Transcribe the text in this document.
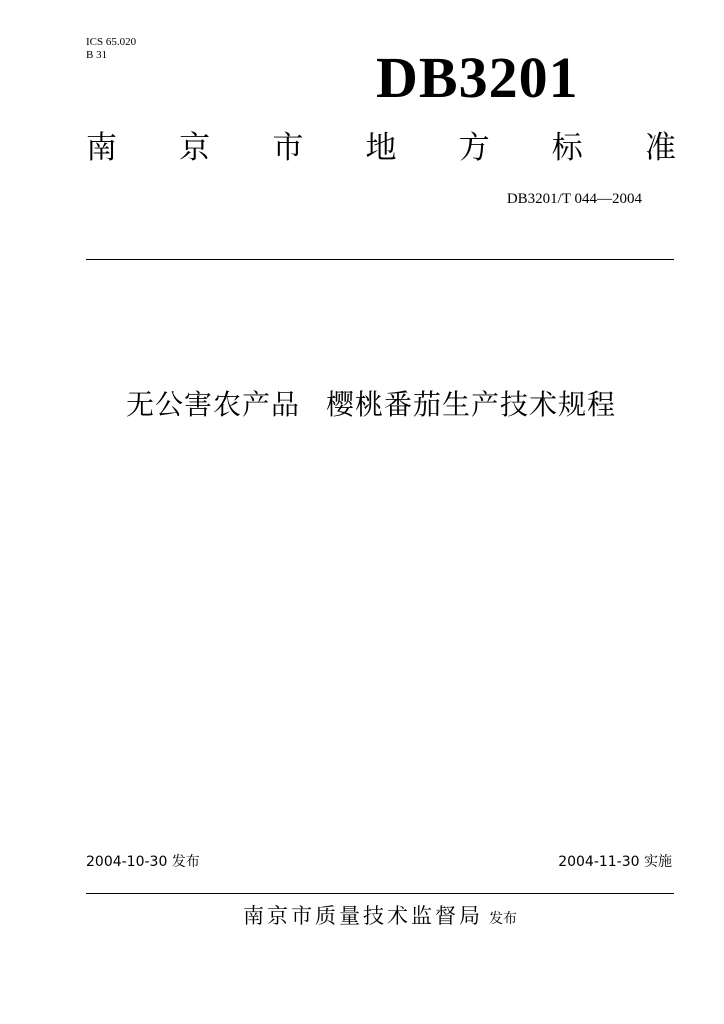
ICS 65.020
B 31	DB3201
南 京 市 地 方 标 准
DB3201/T 044—2004
无公害农产品 樱桃番茄生产技术规程
2004-10-30 发布	2004-11-30 实施
南京市质量技术监督局 发布
